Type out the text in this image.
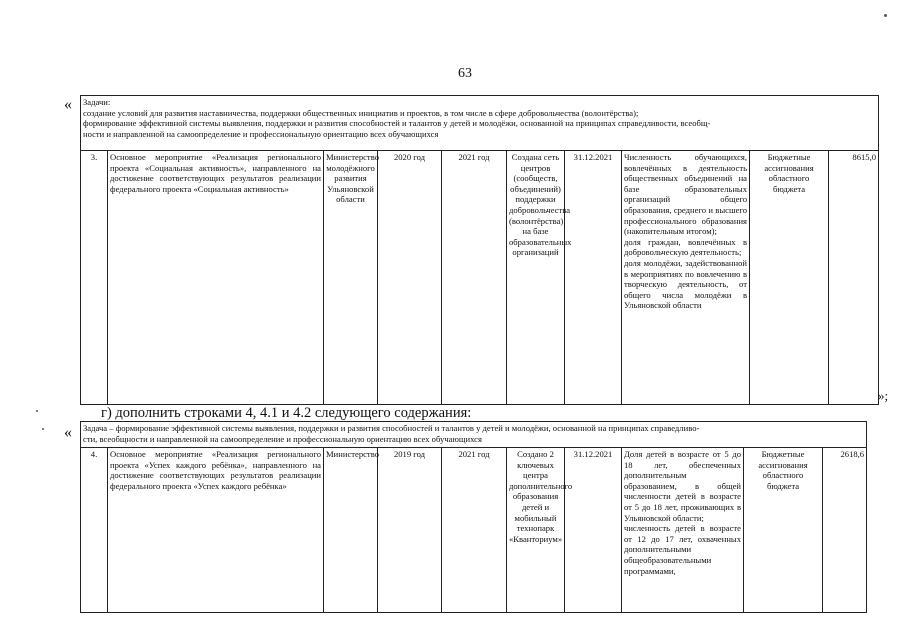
63
« Задачи:
создание условий для развития наставничества, поддержки общественных инициатив и проектов, в том числе в сфере добровольчества (волонтёрства);
формирование эффективной системы выявления, поддержки и развития способностей и талантов у детей и молодёжи, основанной на принципах справедливости, всеобщ-
ности и направленной на самоопределение и профессиональную ориентацию всех обучающихся

3.	Основное мероприятие «Реализация регионального проекта «Социальная активность», направленного на достижение соответствующих результатов реализации федерального проекта «Социальная активность»	Министерство молодёжного развития Ульяновской области	2020 год	2021 год	Создана сеть центров (сообществ, объединений) поддержки добровольчества (волонтёрства) на базе образовательных организаций	31.12.2021	Численность обучающихся, вовлечённых в деятельность общественных объединений на базе образовательных организаций общего образования, среднего и высшего профессионального образования (накопительным итогом);
доля граждан, вовлечённых в добровольческую деятельность;
доля молодёжи, задействованной в мероприятиях по вовлечению в творческую деятельность, от общего числа молодёжи в Ульяновской области
	Бюджетные ассигнования областного бюджета	8615,0
»;
г) дополнить строками 4, 4.1 и 4.2 следующего содержания:
« Задача – формирование эффективной системы выявления, поддержки и развития способностей и талантов у детей и молодёжи, основанной на принципах справедливо-
сти, всеобщности и направленной на самоопределение и профессиональную ориентацию всех обучающихся

4.	Основное мероприятие «Реализация регионального проекта «Успех каждого ребёнка», направленного на достижение соответствующих результатов реализации федерального проекта «Успех каждого ребёнка»	Министерство	2019 год	2021 год	Создано 2 ключевых центра дополнительного образования детей и мобильный технопарк «Кванториум»	31.12.2021	Доля детей в возрасте от 5 до 18 лет, обеспеченных дополнительным образованием, в общей численности детей в возрасте от 5 до 18 лет, проживающих в Ульяновской области;
численность детей в возрасте от 12 до 17 лет, охваченных дополнительными общеобразовательными программами,
	Бюджетные ассигнования областного бюджета	2618,6
